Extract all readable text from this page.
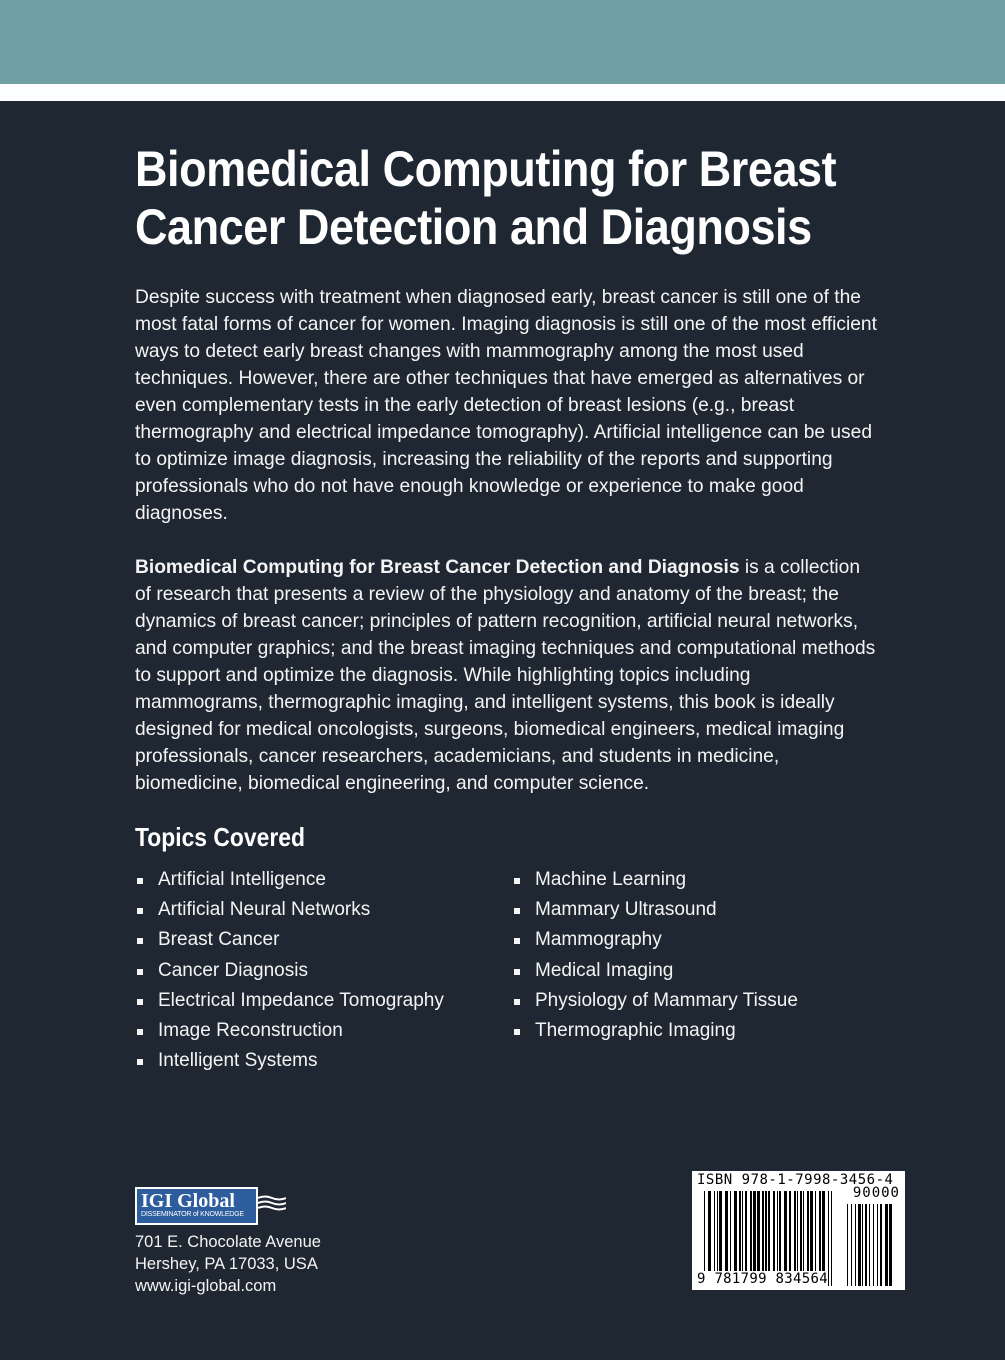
Biomedical Computing for Breast Cancer Detection and Diagnosis

Despite success with treatment when diagnosed early, breast cancer is still one of the most fatal forms of cancer for women. Imaging diagnosis is still one of the most efficient ways to detect early breast changes with mammography among the most used techniques. However, there are other techniques that have emerged as alternatives or even complementary tests in the early detection of breast lesions (e.g., breast thermography and electrical impedance tomography). Artificial intelligence can be used to optimize image diagnosis, increasing the reliability of the reports and supporting professionals who do not have enough knowledge or experience to make good diagnoses.

Biomedical Computing for Breast Cancer Detection and Diagnosis is a collection of research that presents a review of the physiology and anatomy of the breast; the dynamics of breast cancer; principles of pattern recognition, artificial neural networks, and computer graphics; and the breast imaging techniques and computational methods to support and optimize the diagnosis. While highlighting topics including mammograms, thermographic imaging, and intelligent systems, this book is ideally designed for medical oncologists, surgeons, biomedical engineers, medical imaging professionals, cancer researchers, academicians, and students in medicine, biomedicine, biomedical engineering, and computer science.

Topics Covered
Artificial Intelligence
Artificial Neural Networks
Breast Cancer
Cancer Diagnosis
Electrical Impedance Tomography
Image Reconstruction
Intelligent Systems
Machine Learning
Mammary Ultrasound
Mammography
Medical Imaging
Physiology of Mammary Tissue
Thermographic Imaging
IGI Global
DISSEMINATOR of KNOWLEDGE
701 E. Chocolate Avenue
Hershey, PA 17033, USA
www.igi-global.com
ISBN 978-1-7998-3456-4
90000
9 781799 834564
